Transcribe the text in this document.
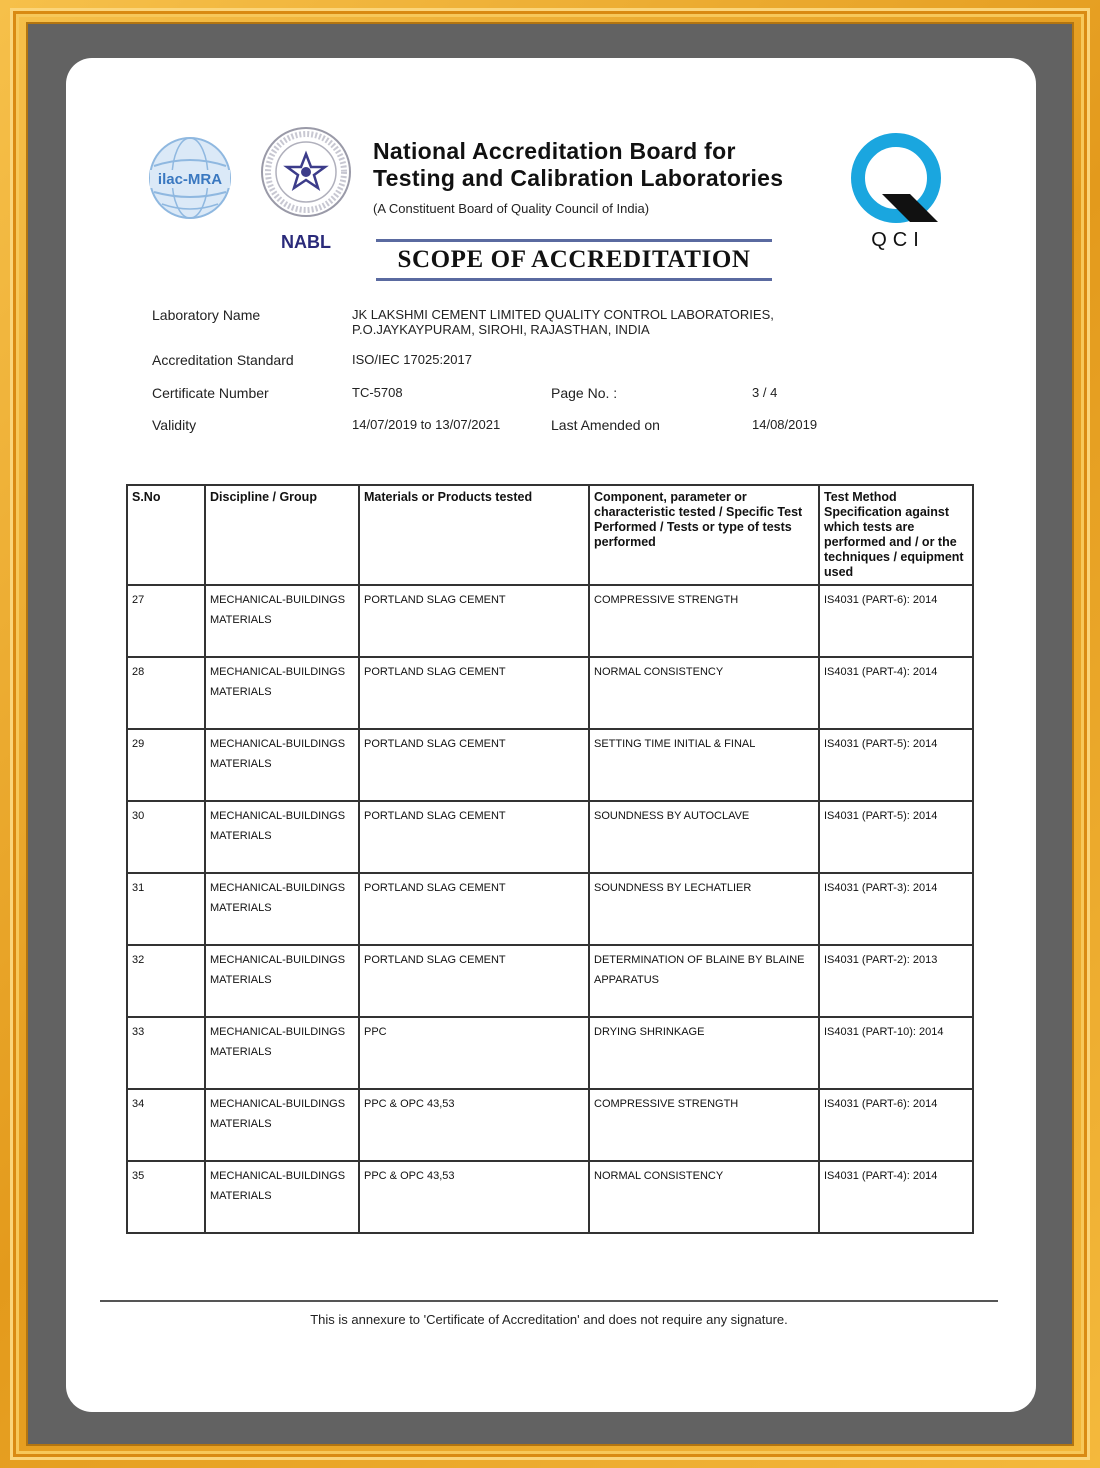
ilac-MRA
NABL
National Accreditation Board for
Testing and Calibration Laboratories
(A Constituent Board of Quality Council of India)
SCOPE OF ACCREDITATION
QCI
Laboratory Name	JK LAKSHMI CEMENT LIMITED QUALITY CONTROL LABORATORIES,
P.O.JAYKAYPURAM, SIROHI, RAJASTHAN, INDIA
Accreditation Standard	ISO/IEC 17025:2017
Certificate Number	TC-5708	Page No. :	3 / 4
Validity	14/07/2019 to 13/07/2021	Last Amended on	14/08/2019
S.No	Discipline / Group	Materials or Products tested	Component, parameter or characteristic tested / Specific Test Performed / Tests or type of tests performed	Test Method Specification against which tests are performed and / or the techniques / equipment used
27	MECHANICAL-BUILDINGS MATERIALS	PORTLAND SLAG CEMENT	COMPRESSIVE STRENGTH	IS4031 (PART-6): 2014
28	MECHANICAL-BUILDINGS MATERIALS	PORTLAND SLAG CEMENT	NORMAL CONSISTENCY	IS4031 (PART-4): 2014
29	MECHANICAL-BUILDINGS MATERIALS	PORTLAND SLAG CEMENT	SETTING TIME INITIAL & FINAL	IS4031 (PART-5): 2014
30	MECHANICAL-BUILDINGS MATERIALS	PORTLAND SLAG CEMENT	SOUNDNESS BY AUTOCLAVE	IS4031 (PART-5): 2014
31	MECHANICAL-BUILDINGS MATERIALS	PORTLAND SLAG CEMENT	SOUNDNESS BY LECHATLIER	IS4031 (PART-3): 2014
32	MECHANICAL-BUILDINGS MATERIALS	PORTLAND SLAG CEMENT	DETERMINATION OF BLAINE BY BLAINE APPARATUS	IS4031 (PART-2): 2013
33	MECHANICAL-BUILDINGS MATERIALS	PPC	DRYING SHRINKAGE	IS4031 (PART-10): 2014
34	MECHANICAL-BUILDINGS MATERIALS	PPC & OPC 43,53	COMPRESSIVE STRENGTH	IS4031 (PART-6): 2014
35	MECHANICAL-BUILDINGS MATERIALS	PPC & OPC 43,53	NORMAL CONSISTENCY	IS4031 (PART-4): 2014
This is annexure to 'Certificate of Accreditation' and does not require any signature.
